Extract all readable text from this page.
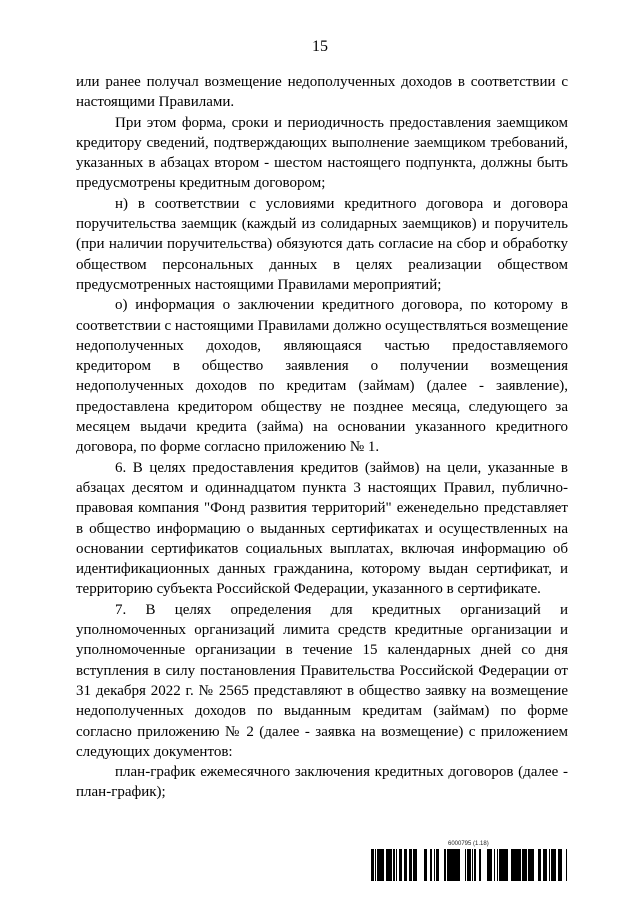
15

или ранее получал возмещение недополученных доходов в соответствии с настоящими Правилами.

При этом форма, сроки и периодичность предоставления заемщиком кредитору сведений, подтверждающих выполнение заемщиком требований, указанных в абзацах втором - шестом настоящего подпункта, должны быть предусмотрены кредитным договором;

н) в соответствии с условиями кредитного договора и договора поручительства заемщик (каждый из солидарных заемщиков) и поручитель (при наличии поручительства) обязуются дать согласие на сбор и обработку обществом персональных данных в целях реализации обществом предусмотренных настоящими Правилами мероприятий;

о) информация о заключении кредитного договора, по которому в соответствии с настоящими Правилами должно осуществляться возмещение недополученных доходов, являющаяся частью предоставляемого кредитором в общество заявления о получении возмещения недополученных доходов по кредитам (займам) (далее - заявление), предоставлена кредитором обществу не позднее месяца, следующего за месяцем выдачи кредита (займа) на основании указанного кредитного договора, по форме согласно приложению № 1.

6. В целях предоставления кредитов (займов) на цели, указанные в абзацах десятом и одиннадцатом пункта 3 настоящих Правил, публично-правовая компания "Фонд развития территорий" еженедельно представляет в общество информацию о выданных сертификатах и осуществленных на основании сертификатов социальных выплатах, включая информацию об идентификационных данных гражданина, которому выдан сертификат, и территорию субъекта Российской Федерации, указанного в сертификате.

7. В целях определения для кредитных организаций и уполномоченных организаций лимита средств кредитные организации и уполномоченные организации в течение 15 календарных дней со дня вступления в силу постановления Правительства Российской Федерации от 31 декабря 2022 г. № 2565 представляют в общество заявку на возмещение недополученных доходов по выданным кредитам (займам) по форме согласно приложению № 2 (далее - заявка на возмещение) с приложением следующих документов:

план-график ежемесячного заключения кредитных договоров (далее - план-график);

6000795 (1.18)
